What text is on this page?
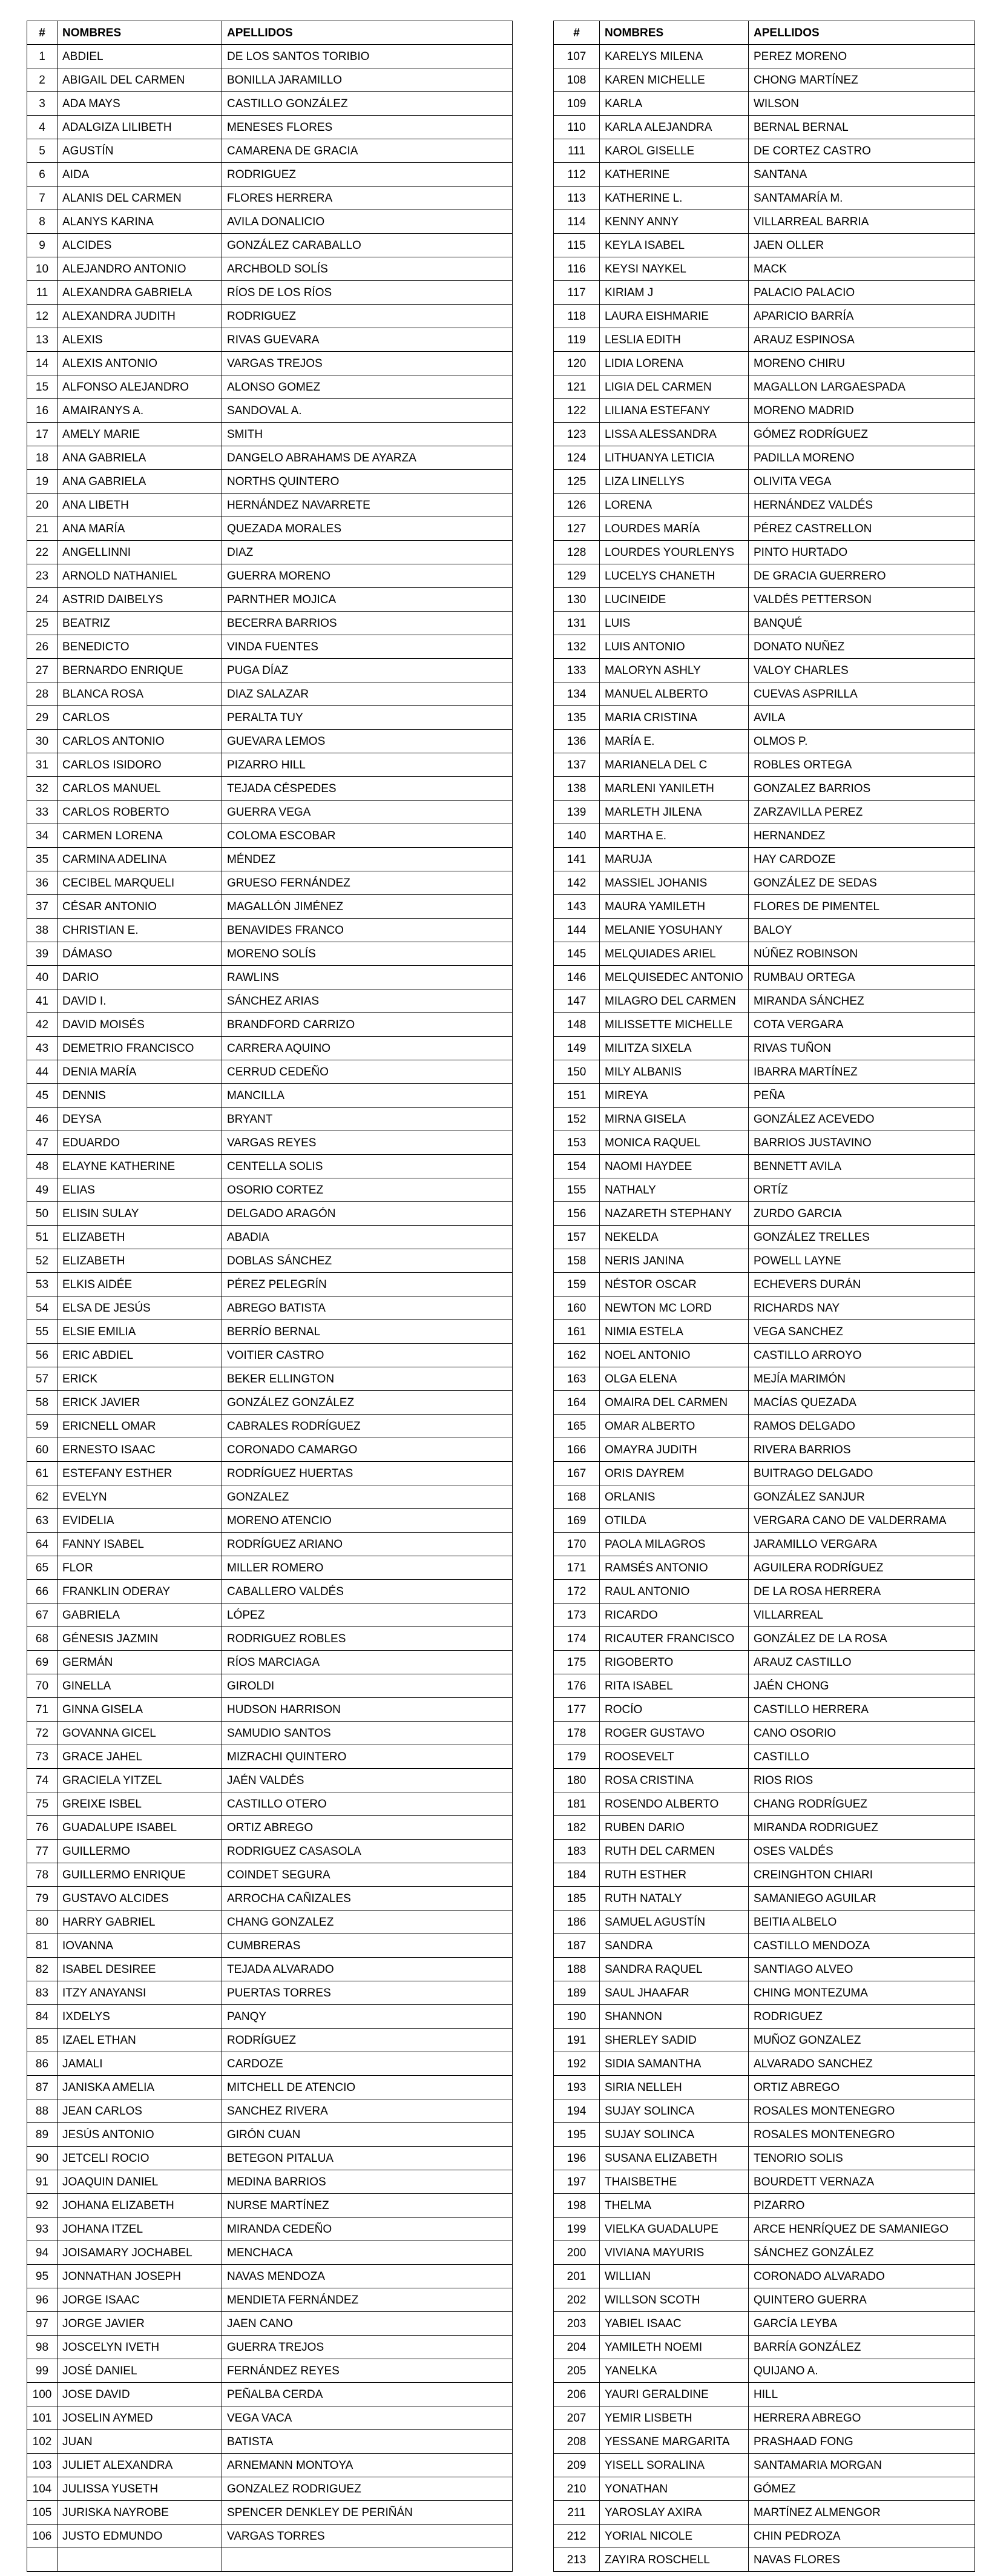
#	NOMBRES	APELLIDOS
1	ABDIEL	DE LOS SANTOS TORIBIO
2	ABIGAIL DEL CARMEN	BONILLA JARAMILLO
3	ADA MAYS	CASTILLO GONZÁLEZ
4	ADALGIZA LILIBETH	MENESES FLORES
5	AGUSTÍN	CAMARENA DE GRACIA
6	AIDA	RODRIGUEZ
7	ALANIS DEL CARMEN	FLORES HERRERA
8	ALANYS KARINA	AVILA DONALICIO
9	ALCIDES	GONZÁLEZ CARABALLO
10	ALEJANDRO ANTONIO	ARCHBOLD SOLÍS
11	ALEXANDRA GABRIELA	RÍOS DE LOS RÍOS
12	ALEXANDRA JUDITH	RODRIGUEZ
13	ALEXIS	RIVAS GUEVARA
14	ALEXIS ANTONIO	VARGAS TREJOS
15	ALFONSO ALEJANDRO	ALONSO GOMEZ
16	AMAIRANYS A.	SANDOVAL A.
17	AMELY MARIE	SMITH
18	ANA GABRIELA	DANGELO ABRAHAMS DE AYARZA
19	ANA GABRIELA	NORTHS QUINTERO
20	ANA LIBETH	HERNÁNDEZ NAVARRETE
21	ANA MARÍA	QUEZADA MORALES
22	ANGELLINNI	DIAZ
23	ARNOLD NATHANIEL	GUERRA MORENO
24	ASTRID DAIBELYS	PARNTHER MOJICA
25	BEATRIZ	BECERRA BARRIOS
26	BENEDICTO	VINDA FUENTES
27	BERNARDO ENRIQUE	PUGA DÍAZ
28	BLANCA ROSA	DIAZ SALAZAR
29	CARLOS	PERALTA TUY
30	CARLOS ANTONIO	GUEVARA LEMOS
31	CARLOS ISIDORO	PIZARRO HILL
32	CARLOS MANUEL	TEJADA CÉSPEDES
33	CARLOS ROBERTO	GUERRA VEGA
34	CARMEN LORENA	COLOMA ESCOBAR
35	CARMINA ADELINA	MÉNDEZ
36	CECIBEL MARQUELI	GRUESO FERNÁNDEZ
37	CÉSAR ANTONIO	MAGALLÓN JIMÉNEZ
38	CHRISTIAN E.	BENAVIDES FRANCO
39	DÁMASO	MORENO SOLÍS
40	DARIO	RAWLINS
41	DAVID I.	SÁNCHEZ ARIAS
42	DAVID MOISÉS	BRANDFORD CARRIZO
43	DEMETRIO FRANCISCO	CARRERA AQUINO
44	DENIA MARÍA	CERRUD CEDEÑO
45	DENNIS	MANCILLA
46	DEYSA	BRYANT
47	EDUARDO	VARGAS REYES
48	ELAYNE KATHERINE	CENTELLA SOLIS
49	ELIAS	OSORIO CORTEZ
50	ELISIN SULAY	DELGADO ARAGÓN
51	ELIZABETH	ABADIA
52	ELIZABETH	DOBLAS SÁNCHEZ
53	ELKIS AIDÉE	PÉREZ PELEGRÍN
54	ELSA DE JESÚS	ABREGO BATISTA
55	ELSIE EMILIA	BERRÍO BERNAL
56	ERIC ABDIEL	VOITIER CASTRO
57	ERICK	BEKER ELLINGTON
58	ERICK JAVIER	GONZÁLEZ GONZÁLEZ
59	ERICNELL OMAR	CABRALES RODRÍGUEZ
60	ERNESTO ISAAC	CORONADO CAMARGO
61	ESTEFANY ESTHER	RODRÍGUEZ HUERTAS
62	EVELYN	GONZALEZ
63	EVIDELIA	MORENO ATENCIO
64	FANNY ISABEL	RODRÍGUEZ ARIANO
65	FLOR	MILLER ROMERO
66	FRANKLIN ODERAY	CABALLERO VALDÉS
67	GABRIELA	LÓPEZ
68	GÉNESIS JAZMIN	RODRIGUEZ ROBLES
69	GERMÁN	RÍOS MARCIAGA
70	GINELLA	GIROLDI
71	GINNA GISELA	HUDSON HARRISON
72	GOVANNA GICEL	SAMUDIO SANTOS
73	GRACE JAHEL	MIZRACHI QUINTERO
74	GRACIELA YITZEL	JAÉN VALDÉS
75	GREIXE ISBEL	CASTILLO OTERO
76	GUADALUPE ISABEL	ORTIZ ABREGO
77	GUILLERMO	RODRIGUEZ CASASOLA
78	GUILLERMO ENRIQUE	COINDET SEGURA
79	GUSTAVO ALCIDES	ARROCHA CAÑIZALES
80	HARRY GABRIEL	CHANG GONZALEZ
81	IOVANNA	CUMBRERAS
82	ISABEL DESIREE	TEJADA ALVARADO
83	ITZY ANAYANSI	PUERTAS TORRES
84	IXDELYS	PANQY
85	IZAEL ETHAN	RODRÍGUEZ
86	JAMALI	CARDOZE
87	JANISKA AMELIA	MITCHELL DE ATENCIO
88	JEAN CARLOS	SANCHEZ RIVERA
89	JESÚS ANTONIO	GIRÓN CUAN
90	JETCELI ROCIO	BETEGON PITALUA
91	JOAQUIN DANIEL	MEDINA BARRIOS
92	JOHANA ELIZABETH	NURSE MARTÍNEZ
93	JOHANA ITZEL	MIRANDA CEDEÑO
94	JOISAMARY JOCHABEL	MENCHACA
95	JONNATHAN JOSEPH	NAVAS MENDOZA
96	JORGE ISAAC	MENDIETA FERNÁNDEZ
97	JORGE JAVIER	JAEN CANO
98	JOSCELYN IVETH	GUERRA TREJOS
99	JOSÉ DANIEL	FERNÁNDEZ REYES
100	JOSE DAVID	PEÑALBA CERDA
101	JOSELIN AYMED	VEGA VACA
102	JUAN	BATISTA
103	JULIET ALEXANDRA	ARNEMANN MONTOYA
104	JULISSA YUSETH	GONZALEZ RODRIGUEZ
105	JURISKA NAYROBE	SPENCER DENKLEY DE PERIÑÁN
106	JUSTO EDMUNDO	VARGAS TORRES

#	NOMBRES	APELLIDOS
107	KARELYS MILENA	PEREZ MORENO
108	KAREN MICHELLE	CHONG MARTÍNEZ
109	KARLA	WILSON
110	KARLA ALEJANDRA	BERNAL BERNAL
111	KAROL GISELLE	DE CORTEZ CASTRO
112	KATHERINE	SANTANA
113	KATHERINE L.	SANTAMARÍA M.
114	KENNY ANNY	VILLARREAL BARRIA
115	KEYLA ISABEL	JAEN OLLER
116	KEYSI NAYKEL	MACK
117	KIRIAM J	PALACIO PALACIO
118	LAURA EISHMARIE	APARICIO BARRÍA
119	LESLIA EDITH	ARAUZ ESPINOSA
120	LIDIA LORENA	MORENO CHIRU
121	LIGIA DEL CARMEN	MAGALLON LARGAESPADA
122	LILIANA ESTEFANY	MORENO MADRID
123	LISSA ALESSANDRA	GÓMEZ RODRÍGUEZ
124	LITHUANYA LETICIA	PADILLA MORENO
125	LIZA LINELLYS	OLIVITA VEGA
126	LORENA	HERNÁNDEZ VALDÉS
127	LOURDES MARÍA	PÉREZ CASTRELLON
128	LOURDES YOURLENYS	PINTO HURTADO
129	LUCELYS CHANETH	DE GRACIA GUERRERO
130	LUCINEIDE	VALDÉS PETTERSON
131	LUIS	BANQUÉ
132	LUIS ANTONIO	DONATO NUÑEZ
133	MALORYN ASHLY	VALOY CHARLES
134	MANUEL ALBERTO	CUEVAS ASPRILLA
135	MARIA CRISTINA	AVILA
136	MARÍA E.	OLMOS P.
137	MARIANELA DEL C	ROBLES ORTEGA
138	MARLENI YANILETH	GONZALEZ BARRIOS
139	MARLETH JILENA	ZARZAVILLA PEREZ
140	MARTHA E.	HERNANDEZ
141	MARUJA	HAY CARDOZE
142	MASSIEL JOHANIS	GONZÁLEZ DE SEDAS
143	MAURA YAMILETH	FLORES DE PIMENTEL
144	MELANIE YOSUHANY	BALOY
145	MELQUIADES ARIEL	NÚÑEZ ROBINSON
146	MELQUISEDEC ANTONIO	RUMBAU ORTEGA
147	MILAGRO DEL CARMEN	MIRANDA SÁNCHEZ
148	MILISSETTE MICHELLE	COTA VERGARA
149	MILITZA SIXELA	RIVAS TUÑON
150	MILY ALBANIS	IBARRA MARTÍNEZ
151	MIREYA	PEÑA
152	MIRNA GISELA	GONZÁLEZ ACEVEDO
153	MONICA RAQUEL	BARRIOS JUSTAVINO
154	NAOMI HAYDEE	BENNETT AVILA
155	NATHALY	ORTÍZ
156	NAZARETH STEPHANY	ZURDO GARCIA
157	NEKELDA	GONZÁLEZ TRELLES
158	NERIS JANINA	POWELL LAYNE
159	NÉSTOR OSCAR	ECHEVERS DURÁN
160	NEWTON MC LORD	RICHARDS NAY
161	NIMIA ESTELA	VEGA SANCHEZ
162	NOEL ANTONIO	CASTILLO ARROYO
163	OLGA ELENA	MEJÍA MARIMÓN
164	OMAIRA DEL CARMEN	MACÍAS QUEZADA
165	OMAR ALBERTO	RAMOS DELGADO
166	OMAYRA JUDITH	RIVERA BARRIOS
167	ORIS DAYREM	BUITRAGO DELGADO
168	ORLANIS	GONZÁLEZ SANJUR
169	OTILDA	VERGARA CANO DE VALDERRAMA
170	PAOLA MILAGROS	JARAMILLO VERGARA
171	RAMSÉS ANTONIO	AGUILERA RODRÍGUEZ
172	RAUL ANTONIO	DE LA ROSA HERRERA
173	RICARDO	VILLARREAL
174	RICAUTER FRANCISCO	GONZÁLEZ DE LA ROSA
175	RIGOBERTO	ARAUZ CASTILLO
176	RITA ISABEL	JAÉN CHONG
177	ROCÍO	CASTILLO HERRERA
178	ROGER GUSTAVO	CANO OSORIO
179	ROOSEVELT	CASTILLO
180	ROSA CRISTINA	RIOS RIOS
181	ROSENDO ALBERTO	CHANG RODRÍGUEZ
182	RUBEN DARIO	MIRANDA RODRIGUEZ
183	RUTH DEL CARMEN	OSES VALDÉS
184	RUTH ESTHER	CREINGHTON CHIARI
185	RUTH NATALY	SAMANIEGO AGUILAR
186	SAMUEL AGUSTÍN	BEITIA ALBELO
187	SANDRA	CASTILLO MENDOZA
188	SANDRA RAQUEL	SANTIAGO ALVEO
189	SAUL JHAAFAR	CHING MONTEZUMA
190	SHANNON	RODRIGUEZ
191	SHERLEY SADID	MUÑOZ GONZALEZ
192	SIDIA SAMANTHA	ALVARADO SANCHEZ
193	SIRIA NELLEH	ORTIZ ABREGO
194	SUJAY SOLINCA	ROSALES MONTENEGRO
195	SUJAY SOLINCA	ROSALES MONTENEGRO
196	SUSANA ELIZABETH	TENORIO SOLIS
197	THAISBETHE	BOURDETT VERNAZA
198	THELMA	PIZARRO
199	VIELKA GUADALUPE	ARCE HENRÍQUEZ DE SAMANIEGO
200	VIVIANA MAYURIS	SÁNCHEZ GONZÁLEZ
201	WILLIAN	CORONADO ALVARADO
202	WILLSON SCOTH	QUINTERO GUERRA
203	YABIEL ISAAC	GARCÍA LEYBA
204	YAMILETH NOEMI	BARRÍA GONZÁLEZ
205	YANELKA	QUIJANO A.
206	YAURI GERALDINE	HILL
207	YEMIR LISBETH	HERRERA ABREGO
208	YESSANE MARGARITA	PRASHAAD FONG
209	YISELL SORALINA	SANTAMARIA MORGAN
210	YONATHAN	GÓMEZ
211	YAROSLAY AXIRA	MARTÍNEZ ALMENGOR
212	YORIAL NICOLE	CHIN PEDROZA
213	ZAYIRA ROSCHELL	NAVAS FLORES
